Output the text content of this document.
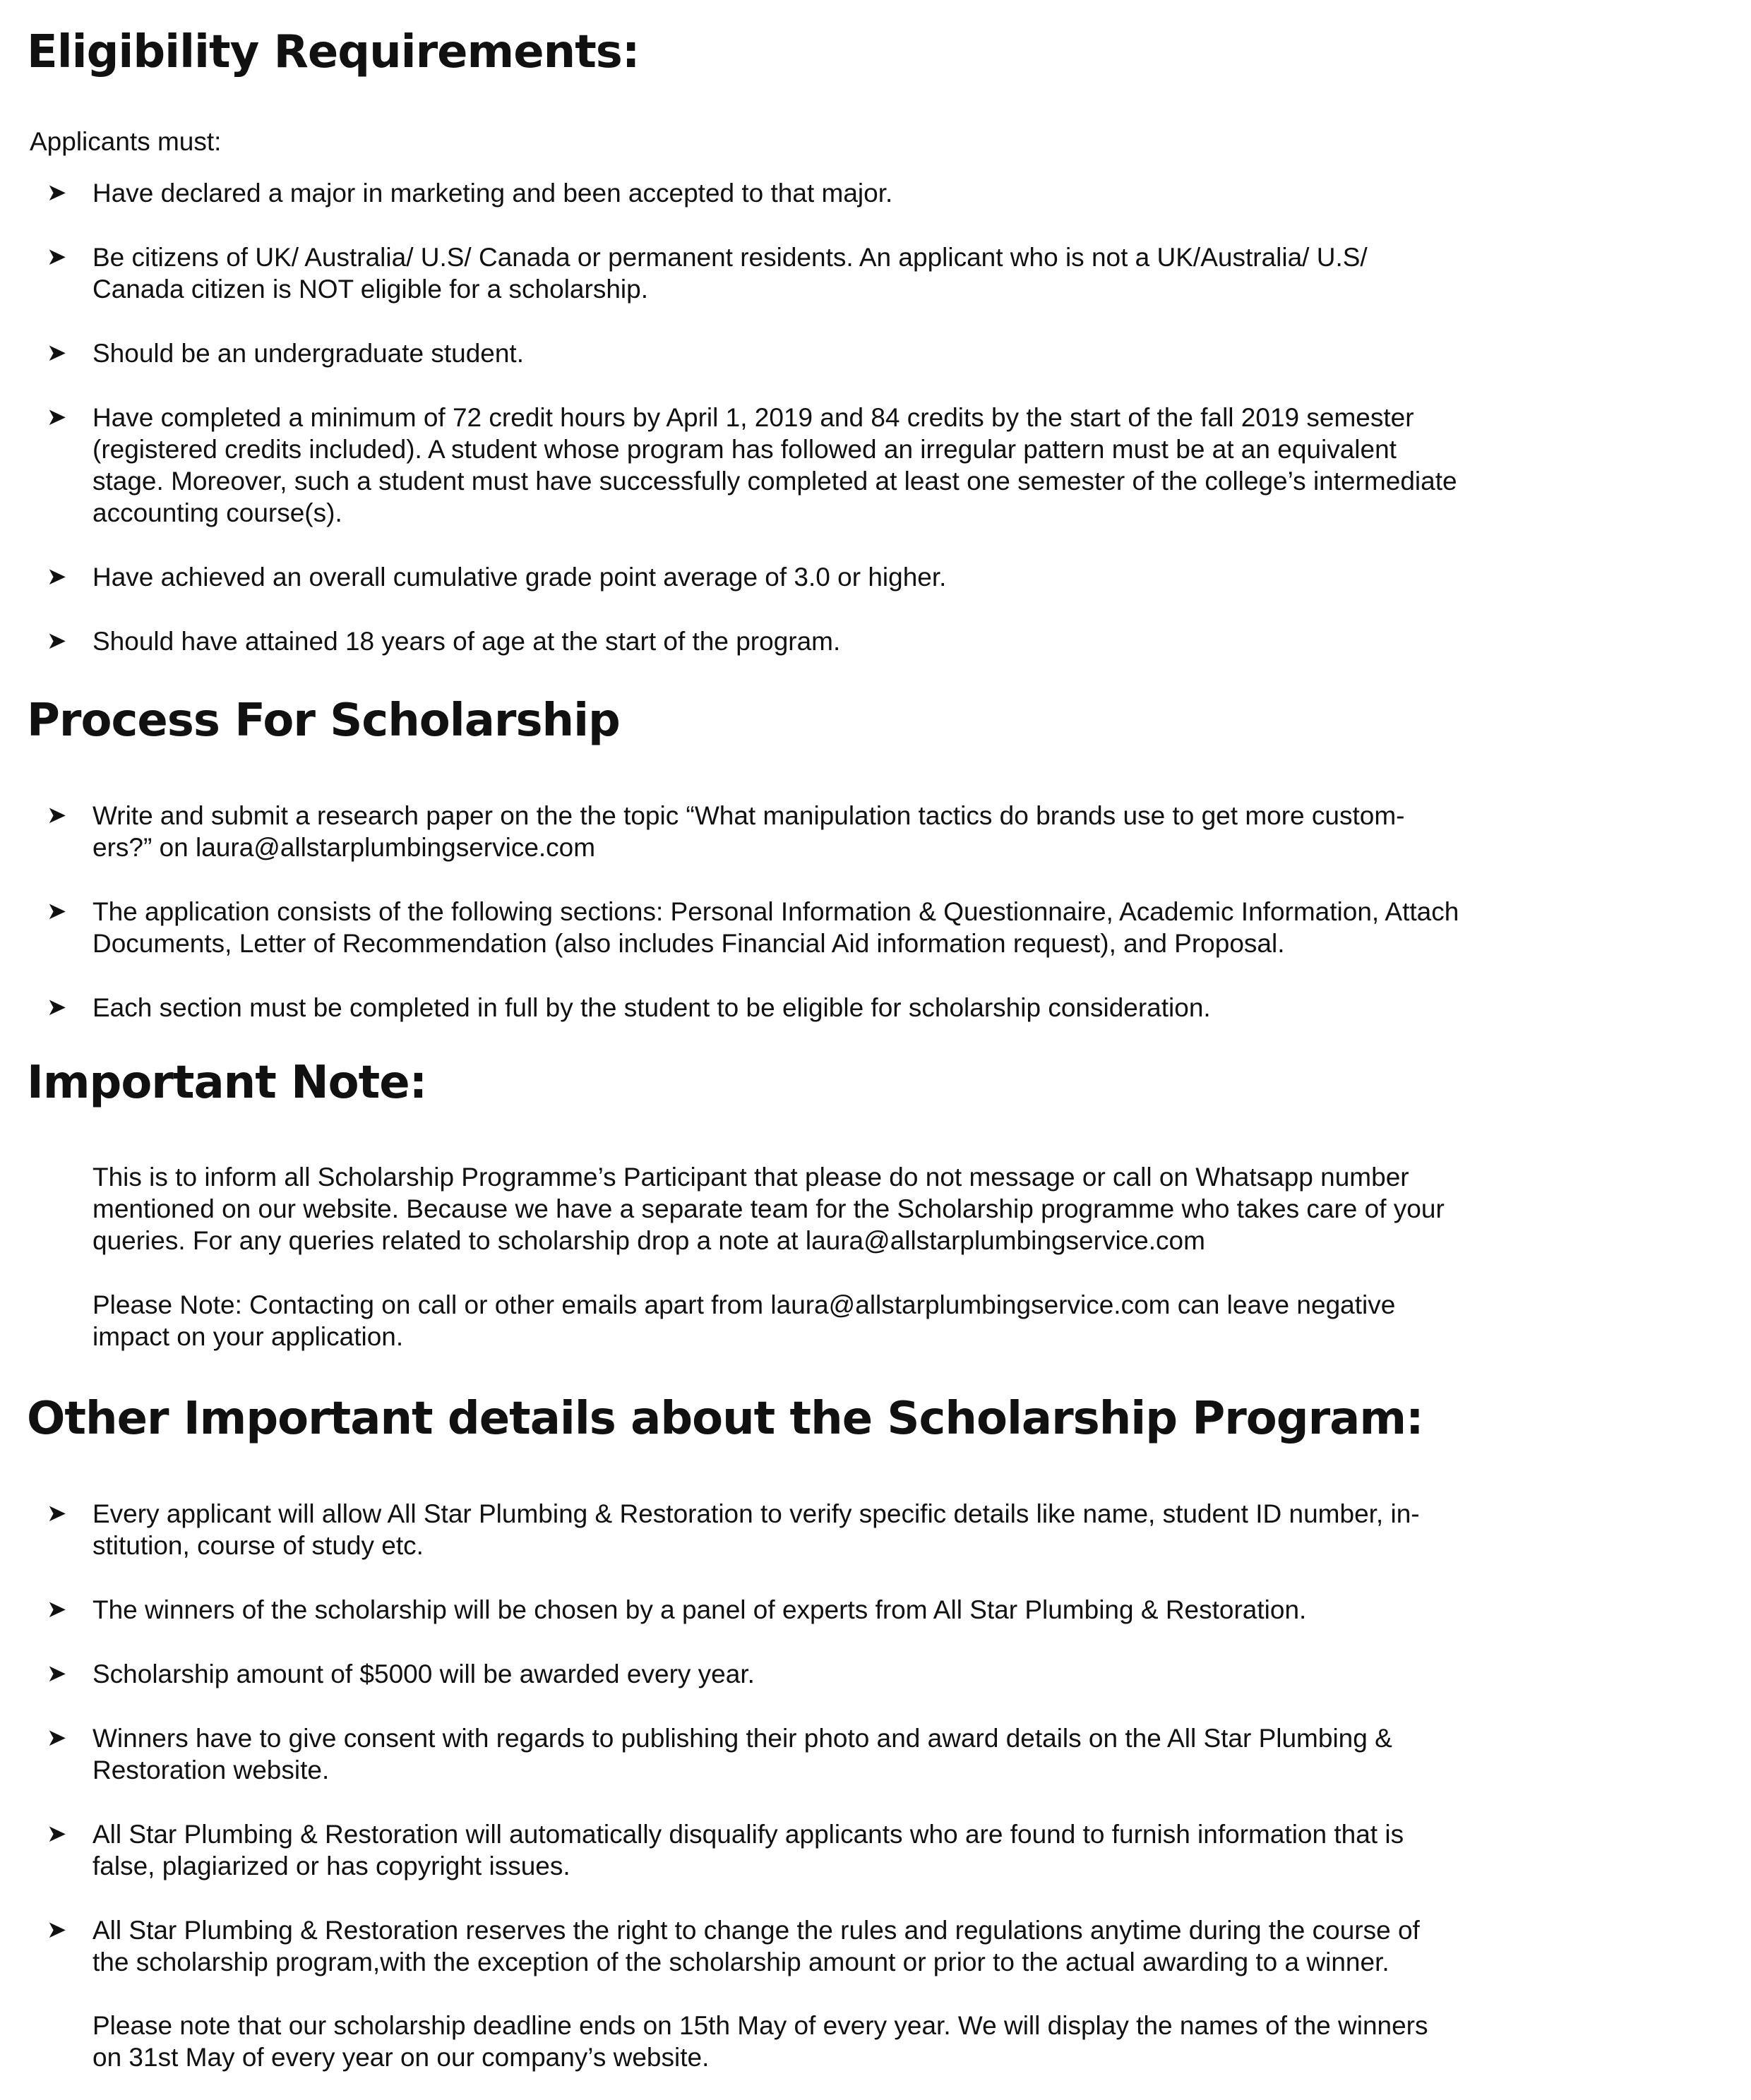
Eligibility Requirements:

Applicants must:

➤ Have declared a major in marketing and been accepted to that major.
➤ Be citizens of UK/ Australia/ U.S/ Canada or permanent residents. An applicant who is not a UK/Australia/ U.S/ Canada citizen is NOT eligible for a scholarship.
➤ Should be an undergraduate student.
➤ Have completed a minimum of 72 credit hours by April 1, 2019 and 84 credits by the start of the fall 2019 semester (registered credits included). A student whose program has followed an irregular pattern must be at an equivalent stage. Moreover, such a student must have successfully completed at least one semester of the college’s intermediate accounting course(s).
➤ Have achieved an overall cumulative grade point average of 3.0 or higher.
➤ Should have attained 18 years of age at the start of the program.
Process For Scholarship
➤ Write and submit a research paper on the the topic “What manipulation tactics do brands use to get more custom-ers?” on laura@allstarplumbingservice.com
➤ The application consists of the following sections: Personal Information & Questionnaire, Academic Information, Attach Documents, Letter of Recommendation (also includes Financial Aid information request), and Proposal.
➤ Each section must be completed in full by the student to be eligible for scholarship consideration.
Important Note:

This is to inform all Scholarship Programme’s Participant that please do not message or call on Whatsapp number mentioned on our website. Because we have a separate team for the Scholarship programme who takes care of your queries. For any queries related to scholarship drop a note at laura@allstarplumbingservice.com

Please Note: Contacting on call or other emails apart from laura@allstarplumbingservice.com can leave negative impact on your application.

Other Important details about the Scholarship Program:
➤ Every applicant will allow All Star Plumbing & Restoration to verify specific details like name, student ID number, in-stitution, course of study etc.
➤ The winners of the scholarship will be chosen by a panel of experts from All Star Plumbing & Restoration.
➤ Scholarship amount of $5000 will be awarded every year.
➤ Winners have to give consent with regards to publishing their photo and award details on the All Star Plumbing & Restoration website.
➤ All Star Plumbing & Restoration will automatically disqualify applicants who are found to furnish information that is false, plagiarized or has copyright issues.
➤ All Star Plumbing & Restoration reserves the right to change the rules and regulations anytime during the course of the scholarship program,with the exception of the scholarship amount or prior to the actual awarding to a winner.

Please note that our scholarship deadline ends on 15th May of every year. We will display the names of the winners on 31st May of every year on our company’s website.
